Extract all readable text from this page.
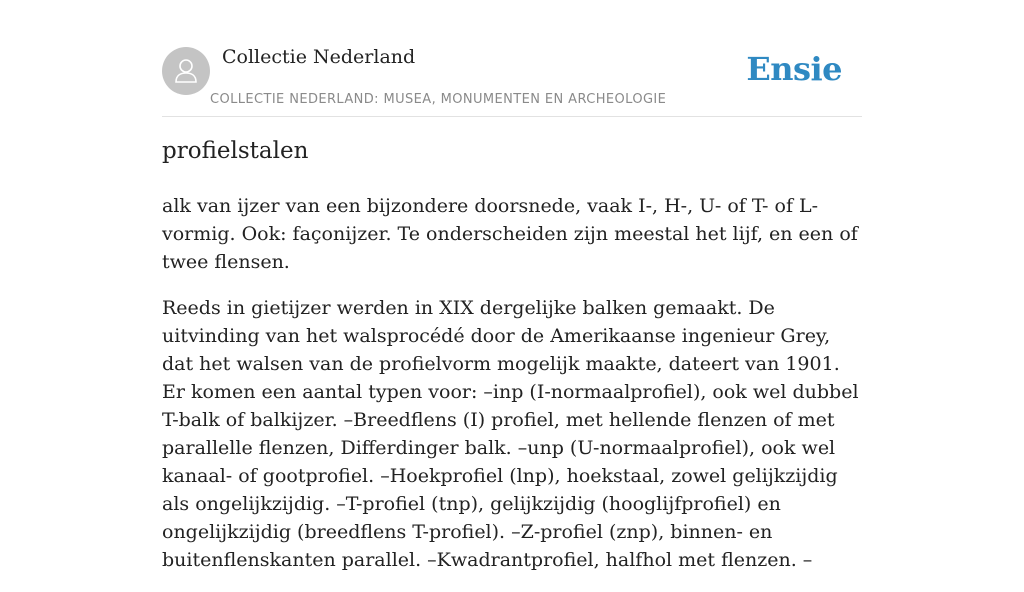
Collectie Nederland
COLLECTIE NEDERLAND: MUSEA, MONUMENTEN EN ARCHEOLOGIE
Ensie
profielstalen

alk van ijzer van een bijzondere doorsnede, vaak I-, H-, U- of T- of L-vormig. Ook: façonijzer. Te onderscheiden zijn meestal het lijf, en een of twee flensen.

Reeds in gietijzer werden in XIX dergelijke balken gemaakt. De uitvinding van het walsprocédé door de Amerikaanse ingenieur Grey, dat het walsen van de profielvorm mogelijk maakte, dateert van 1901. Er komen een aantal typen voor: –inp (I-normaalprofiel), ook wel dubbel T-balk of balkijzer. –Breedflens (I) profiel, met hellende flenzen of met parallelle flenzen, Differdinger balk. –unp (U-normaalprofiel), ook wel kanaal- of gootprofiel. –Hoekprofiel (lnp), hoekstaal, zowel gelijkzijdig als ongelijkzijdig. –T-profiel (tnp), gelijkzijdig (hooglijfprofiel) en ongelijkzijdig (breedflens T-profiel). –Z-profiel (znp), binnen- en buitenflenskanten parallel. –Kwadrantprofiel, halfhol met flenzen. –
